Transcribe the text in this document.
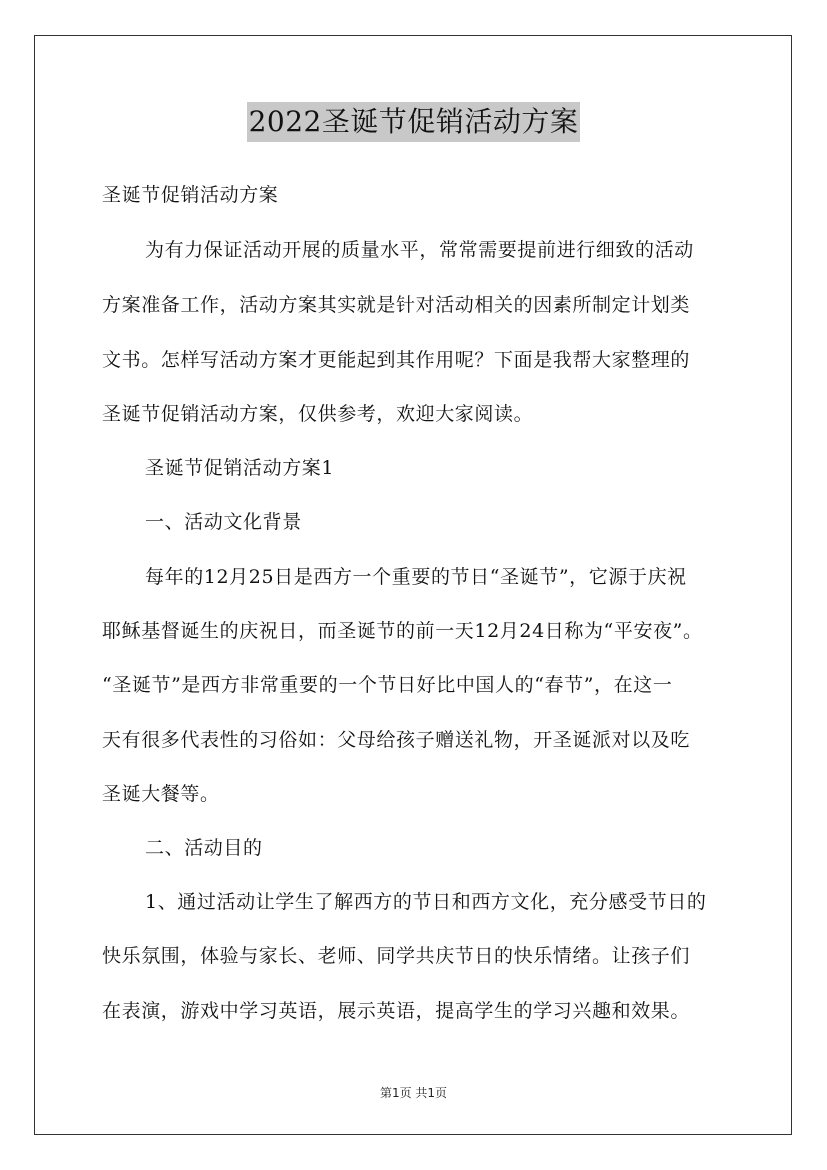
2022圣诞节促销活动方案
圣诞节促销活动方案
为有力保证活动开展的质量水平，常常需要提前进行细致的活动
方案准备工作，活动方案其实就是针对活动相关的因素所制定计划类
文书。怎样写活动方案才更能起到其作用呢？下面是我帮大家整理的
圣诞节促销活动方案，仅供参考，欢迎大家阅读。
圣诞节促销活动方案1
一、活动文化背景
每年的12月25日是西方一个重要的节日“圣诞节”，它源于庆祝
耶稣基督诞生的庆祝日，而圣诞节的前一天12月24日称为“平安夜”。
“圣诞节”是西方非常重要的一个节日好比中国人的“春节”，在这一
天有很多代表性的习俗如：父母给孩子赠送礼物，开圣诞派对以及吃
圣诞大餐等。
二、活动目的
1、通过活动让学生了解西方的节日和西方文化，充分感受节日的
快乐氛围，体验与家长、老师、同学共庆节日的快乐情绪。让孩子们
在表演，游戏中学习英语，展示英语，提高学生的学习兴趣和效果。
第1页 共1页
